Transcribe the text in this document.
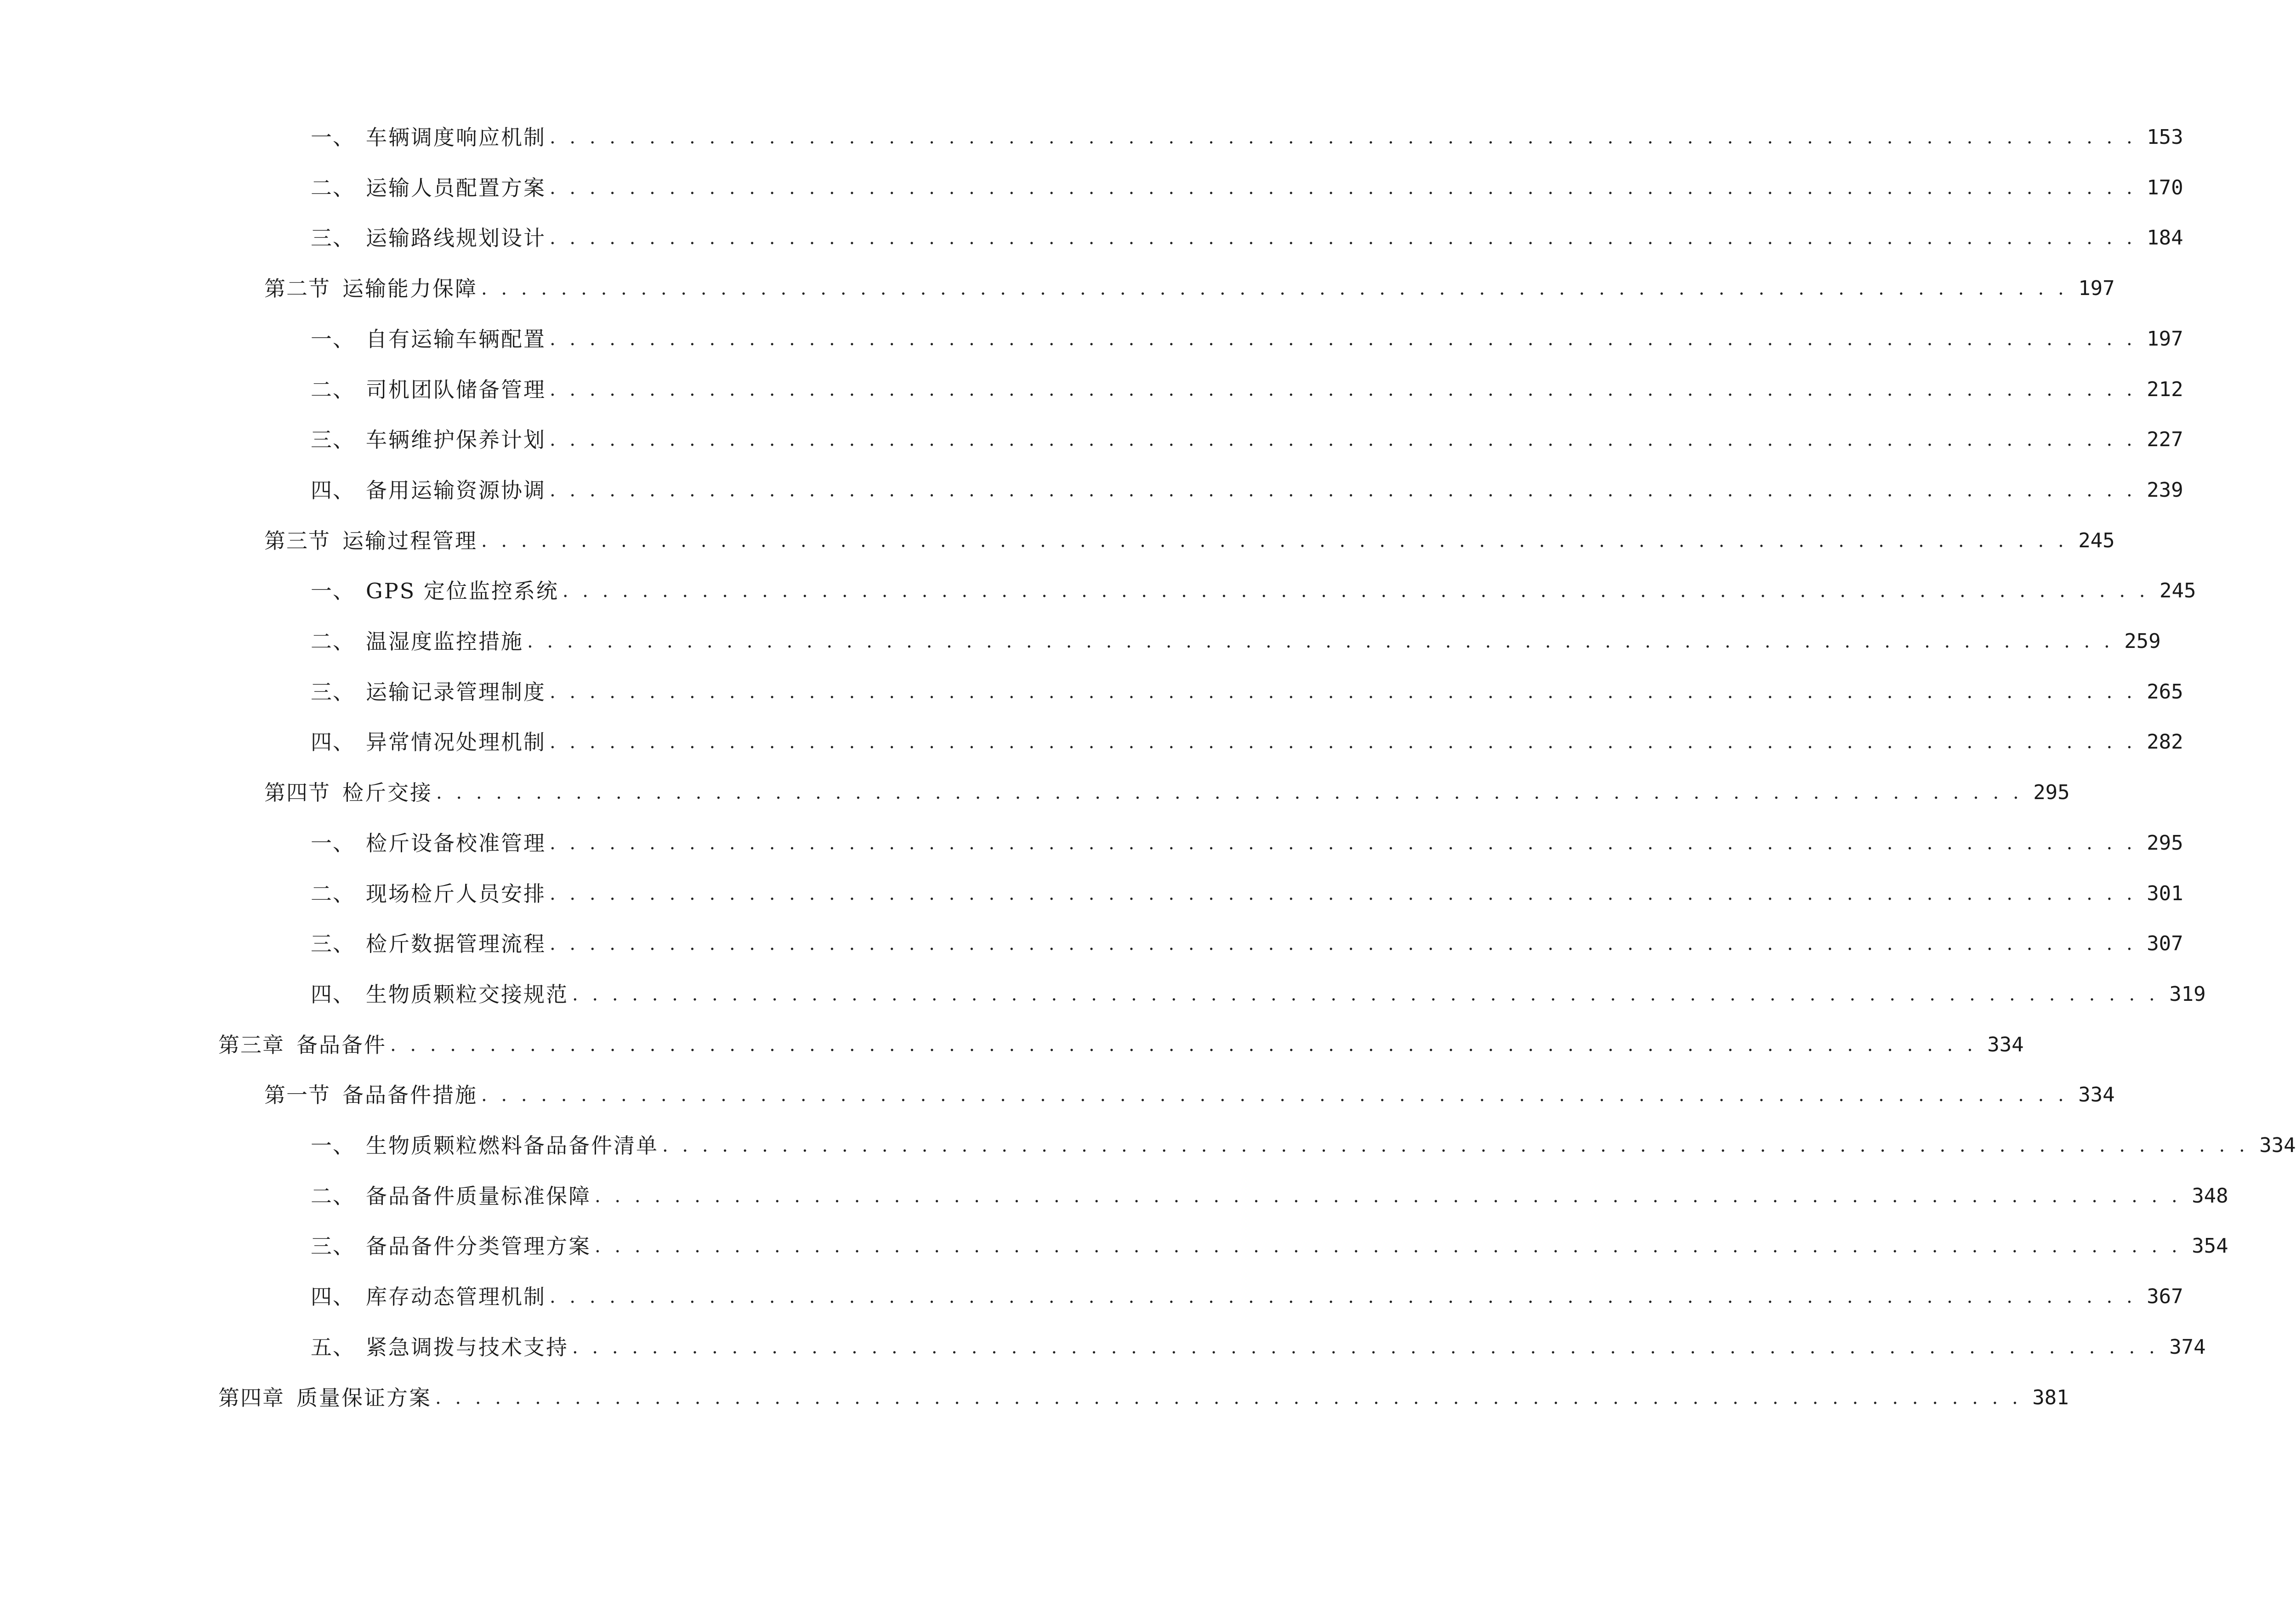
一、 车辆调度响应机制 . . . . . . . . . . . . . . . . . . . . . . . . . . . . . . . . . . . . . . . . . . . . . . . . . . . . . . . . . . . . . . . . . . . . . . . . . . . . . . . . 153
二、 运输人员配置方案 . . . . . . . . . . . . . . . . . . . . . . . . . . . . . . . . . . . . . . . . . . . . . . . . . . . . . . . . . . . . . . . . . . . . . . . . . . . . . . . . 170
三、 运输路线规划设计 . . . . . . . . . . . . . . . . . . . . . . . . . . . . . . . . . . . . . . . . . . . . . . . . . . . . . . . . . . . . . . . . . . . . . . . . . . . . . . . . 184
第二节 运输能力保障 . . . . . . . . . . . . . . . . . . . . . . . . . . . . . . . . . . . . . . . . . . . . . . . . . . . . . . . . . . . . . . . . . . . . . . . . . . . . . . . . 197
一、 自有运输车辆配置 . . . . . . . . . . . . . . . . . . . . . . . . . . . . . . . . . . . . . . . . . . . . . . . . . . . . . . . . . . . . . . . . . . . . . . . . . . . . . . . . 197
二、 司机团队储备管理 . . . . . . . . . . . . . . . . . . . . . . . . . . . . . . . . . . . . . . . . . . . . . . . . . . . . . . . . . . . . . . . . . . . . . . . . . . . . . . . . 212
三、 车辆维护保养计划 . . . . . . . . . . . . . . . . . . . . . . . . . . . . . . . . . . . . . . . . . . . . . . . . . . . . . . . . . . . . . . . . . . . . . . . . . . . . . . . . 227
四、 备用运输资源协调 . . . . . . . . . . . . . . . . . . . . . . . . . . . . . . . . . . . . . . . . . . . . . . . . . . . . . . . . . . . . . . . . . . . . . . . . . . . . . . . . 239
第三节 运输过程管理 . . . . . . . . . . . . . . . . . . . . . . . . . . . . . . . . . . . . . . . . . . . . . . . . . . . . . . . . . . . . . . . . . . . . . . . . . . . . . . . . 245
一、 GPS 定位监控系统 . . . . . . . . . . . . . . . . . . . . . . . . . . . . . . . . . . . . . . . . . . . . . . . . . . . . . . . . . . . . . . . . . . . . . . . . . . . . . . . . 245
二、 温湿度监控措施 . . . . . . . . . . . . . . . . . . . . . . . . . . . . . . . . . . . . . . . . . . . . . . . . . . . . . . . . . . . . . . . . . . . . . . . . . . . . . . . . 259
三、 运输记录管理制度 . . . . . . . . . . . . . . . . . . . . . . . . . . . . . . . . . . . . . . . . . . . . . . . . . . . . . . . . . . . . . . . . . . . . . . . . . . . . . . . . 265
四、 异常情况处理机制 . . . . . . . . . . . . . . . . . . . . . . . . . . . . . . . . . . . . . . . . . . . . . . . . . . . . . . . . . . . . . . . . . . . . . . . . . . . . . . . . 282
第四节 检斤交接 . . . . . . . . . . . . . . . . . . . . . . . . . . . . . . . . . . . . . . . . . . . . . . . . . . . . . . . . . . . . . . . . . . . . . . . . . . . . . . . . 295
一、 检斤设备校准管理 . . . . . . . . . . . . . . . . . . . . . . . . . . . . . . . . . . . . . . . . . . . . . . . . . . . . . . . . . . . . . . . . . . . . . . . . . . . . . . . . 295
二、 现场检斤人员安排 . . . . . . . . . . . . . . . . . . . . . . . . . . . . . . . . . . . . . . . . . . . . . . . . . . . . . . . . . . . . . . . . . . . . . . . . . . . . . . . . 301
三、 检斤数据管理流程 . . . . . . . . . . . . . . . . . . . . . . . . . . . . . . . . . . . . . . . . . . . . . . . . . . . . . . . . . . . . . . . . . . . . . . . . . . . . . . . . 307
四、 生物质颗粒交接规范 . . . . . . . . . . . . . . . . . . . . . . . . . . . . . . . . . . . . . . . . . . . . . . . . . . . . . . . . . . . . . . . . . . . . . . . . . . . . . . . . 319
第三章 备品备件 . . . . . . . . . . . . . . . . . . . . . . . . . . . . . . . . . . . . . . . . . . . . . . . . . . . . . . . . . . . . . . . . . . . . . . . . . . . . . . . . 334
第一节 备品备件措施 . . . . . . . . . . . . . . . . . . . . . . . . . . . . . . . . . . . . . . . . . . . . . . . . . . . . . . . . . . . . . . . . . . . . . . . . . . . . . . . . 334
一、 生物质颗粒燃料备品备件清单 . . . . . . . . . . . . . . . . . . . . . . . . . . . . . . . . . . . . . . . . . . . . . . . . . . . . . . . . . . . . . . . . . . . . . . . . . . . . . . . . 334
二、 备品备件质量标准保障 . . . . . . . . . . . . . . . . . . . . . . . . . . . . . . . . . . . . . . . . . . . . . . . . . . . . . . . . . . . . . . . . . . . . . . . . . . . . . . . . 348
三、 备品备件分类管理方案 . . . . . . . . . . . . . . . . . . . . . . . . . . . . . . . . . . . . . . . . . . . . . . . . . . . . . . . . . . . . . . . . . . . . . . . . . . . . . . . . 354
四、 库存动态管理机制 . . . . . . . . . . . . . . . . . . . . . . . . . . . . . . . . . . . . . . . . . . . . . . . . . . . . . . . . . . . . . . . . . . . . . . . . . . . . . . . . 367
五、 紧急调拨与技术支持 . . . . . . . . . . . . . . . . . . . . . . . . . . . . . . . . . . . . . . . . . . . . . . . . . . . . . . . . . . . . . . . . . . . . . . . . . . . . . . . . 374
第四章 质量保证方案 . . . . . . . . . . . . . . . . . . . . . . . . . . . . . . . . . . . . . . . . . . . . . . . . . . . . . . . . . . . . . . . . . . . . . . . . . . . . . . . . 381
